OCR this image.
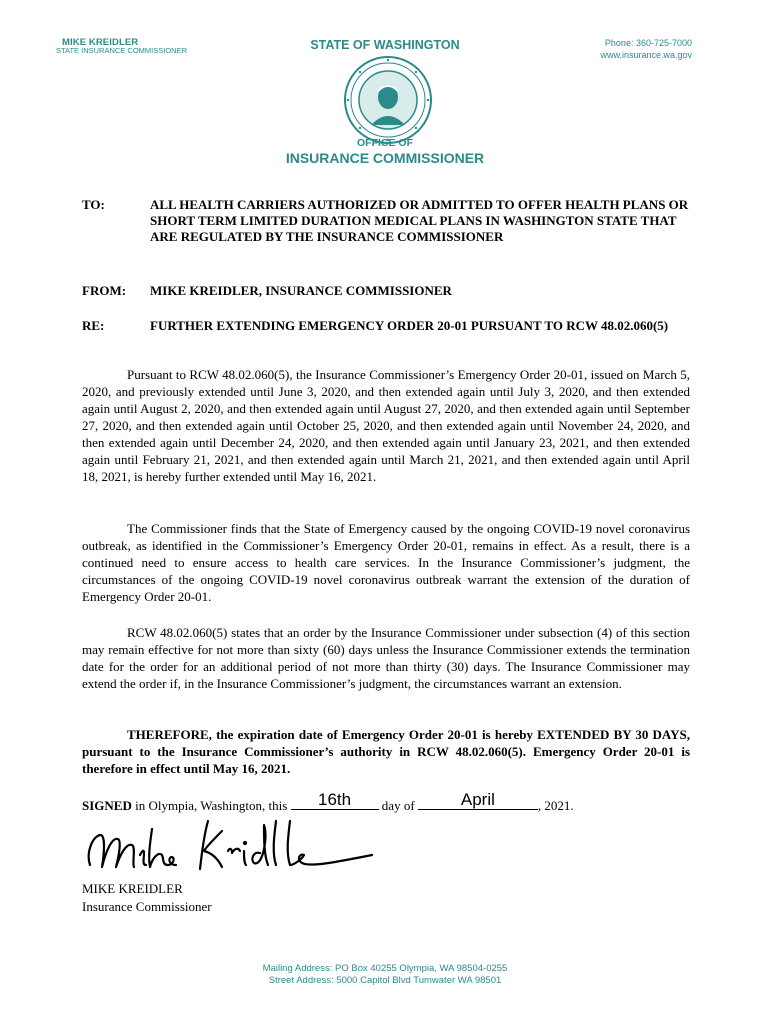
MIKE KREIDLER
STATE INSURANCE COMMISSIONER	STATE OF WASHINGTON	Phone: 360-725-7000
www.insurance.wa.gov
OFFICE OF
INSURANCE COMMISSIONER
TO:	ALL HEALTH CARRIERS AUTHORIZED OR ADMITTED TO OFFER HEALTH PLANS OR SHORT TERM LIMITED DURATION MEDICAL PLANS IN WASHINGTON STATE THAT ARE REGULATED BY THE INSURANCE COMMISSIONER
FROM: MIKE KREIDLER, INSURANCE COMMISSIONER
RE:	FURTHER EXTENDING EMERGENCY ORDER 20-01 PURSUANT TO RCW 48.02.060(5)

Pursuant to RCW 48.02.060(5), the Insurance Commissioner’s Emergency Order 20-01, issued on March 5, 2020, and previously extended until June 3, 2020, and then extended again until July 3, 2020, and then extended again until August 2, 2020, and then extended again until August 27, 2020, and then extended again until September 27, 2020, and then extended again until October 25, 2020, and then extended again until November 24, 2020, and then extended again until December 24, 2020, and then extended again until January 23, 2021, and then extended again until February 21, 2021, and then extended again until March 21, 2021, and then extended again until April 18, 2021, is hereby further extended until May 16, 2021.

The Commissioner finds that the State of Emergency caused by the ongoing COVID-19 novel coronavirus outbreak, as identified in the Commissioner’s Emergency Order 20-01, remains in effect. As a result, there is a continued need to ensure access to health care services. In the Insurance Commissioner’s judgment, the circumstances of the ongoing COVID-19 novel coronavirus outbreak warrant the extension of the duration of Emergency Order 20-01.

RCW 48.02.060(5) states that an order by the Insurance Commissioner under subsection (4) of this section may remain effective for not more than sixty (60) days unless the Insurance Commissioner extends the termination date for the order for an additional period of not more than thirty (30) days. The Insurance Commissioner may extend the order if, in the Insurance Commissioner’s judgment, the circumstances warrant an extension.

THEREFORE, the expiration date of Emergency Order 20-01 is hereby EXTENDED BY 30 DAYS, pursuant to the Insurance Commissioner’s authority in RCW 48.02.060(5). Emergency Order 20-01 is therefore in effect until May 16, 2021.

SIGNED in Olympia, Washington, this	16th	day of	April	, 2021.
MIKE KREIDLER
Insurance Commissioner
Mailing Address: PO Box 40255 Olympia, WA 98504-0255
Street Address: 5000 Capitol Blvd Tumwater WA 98501
